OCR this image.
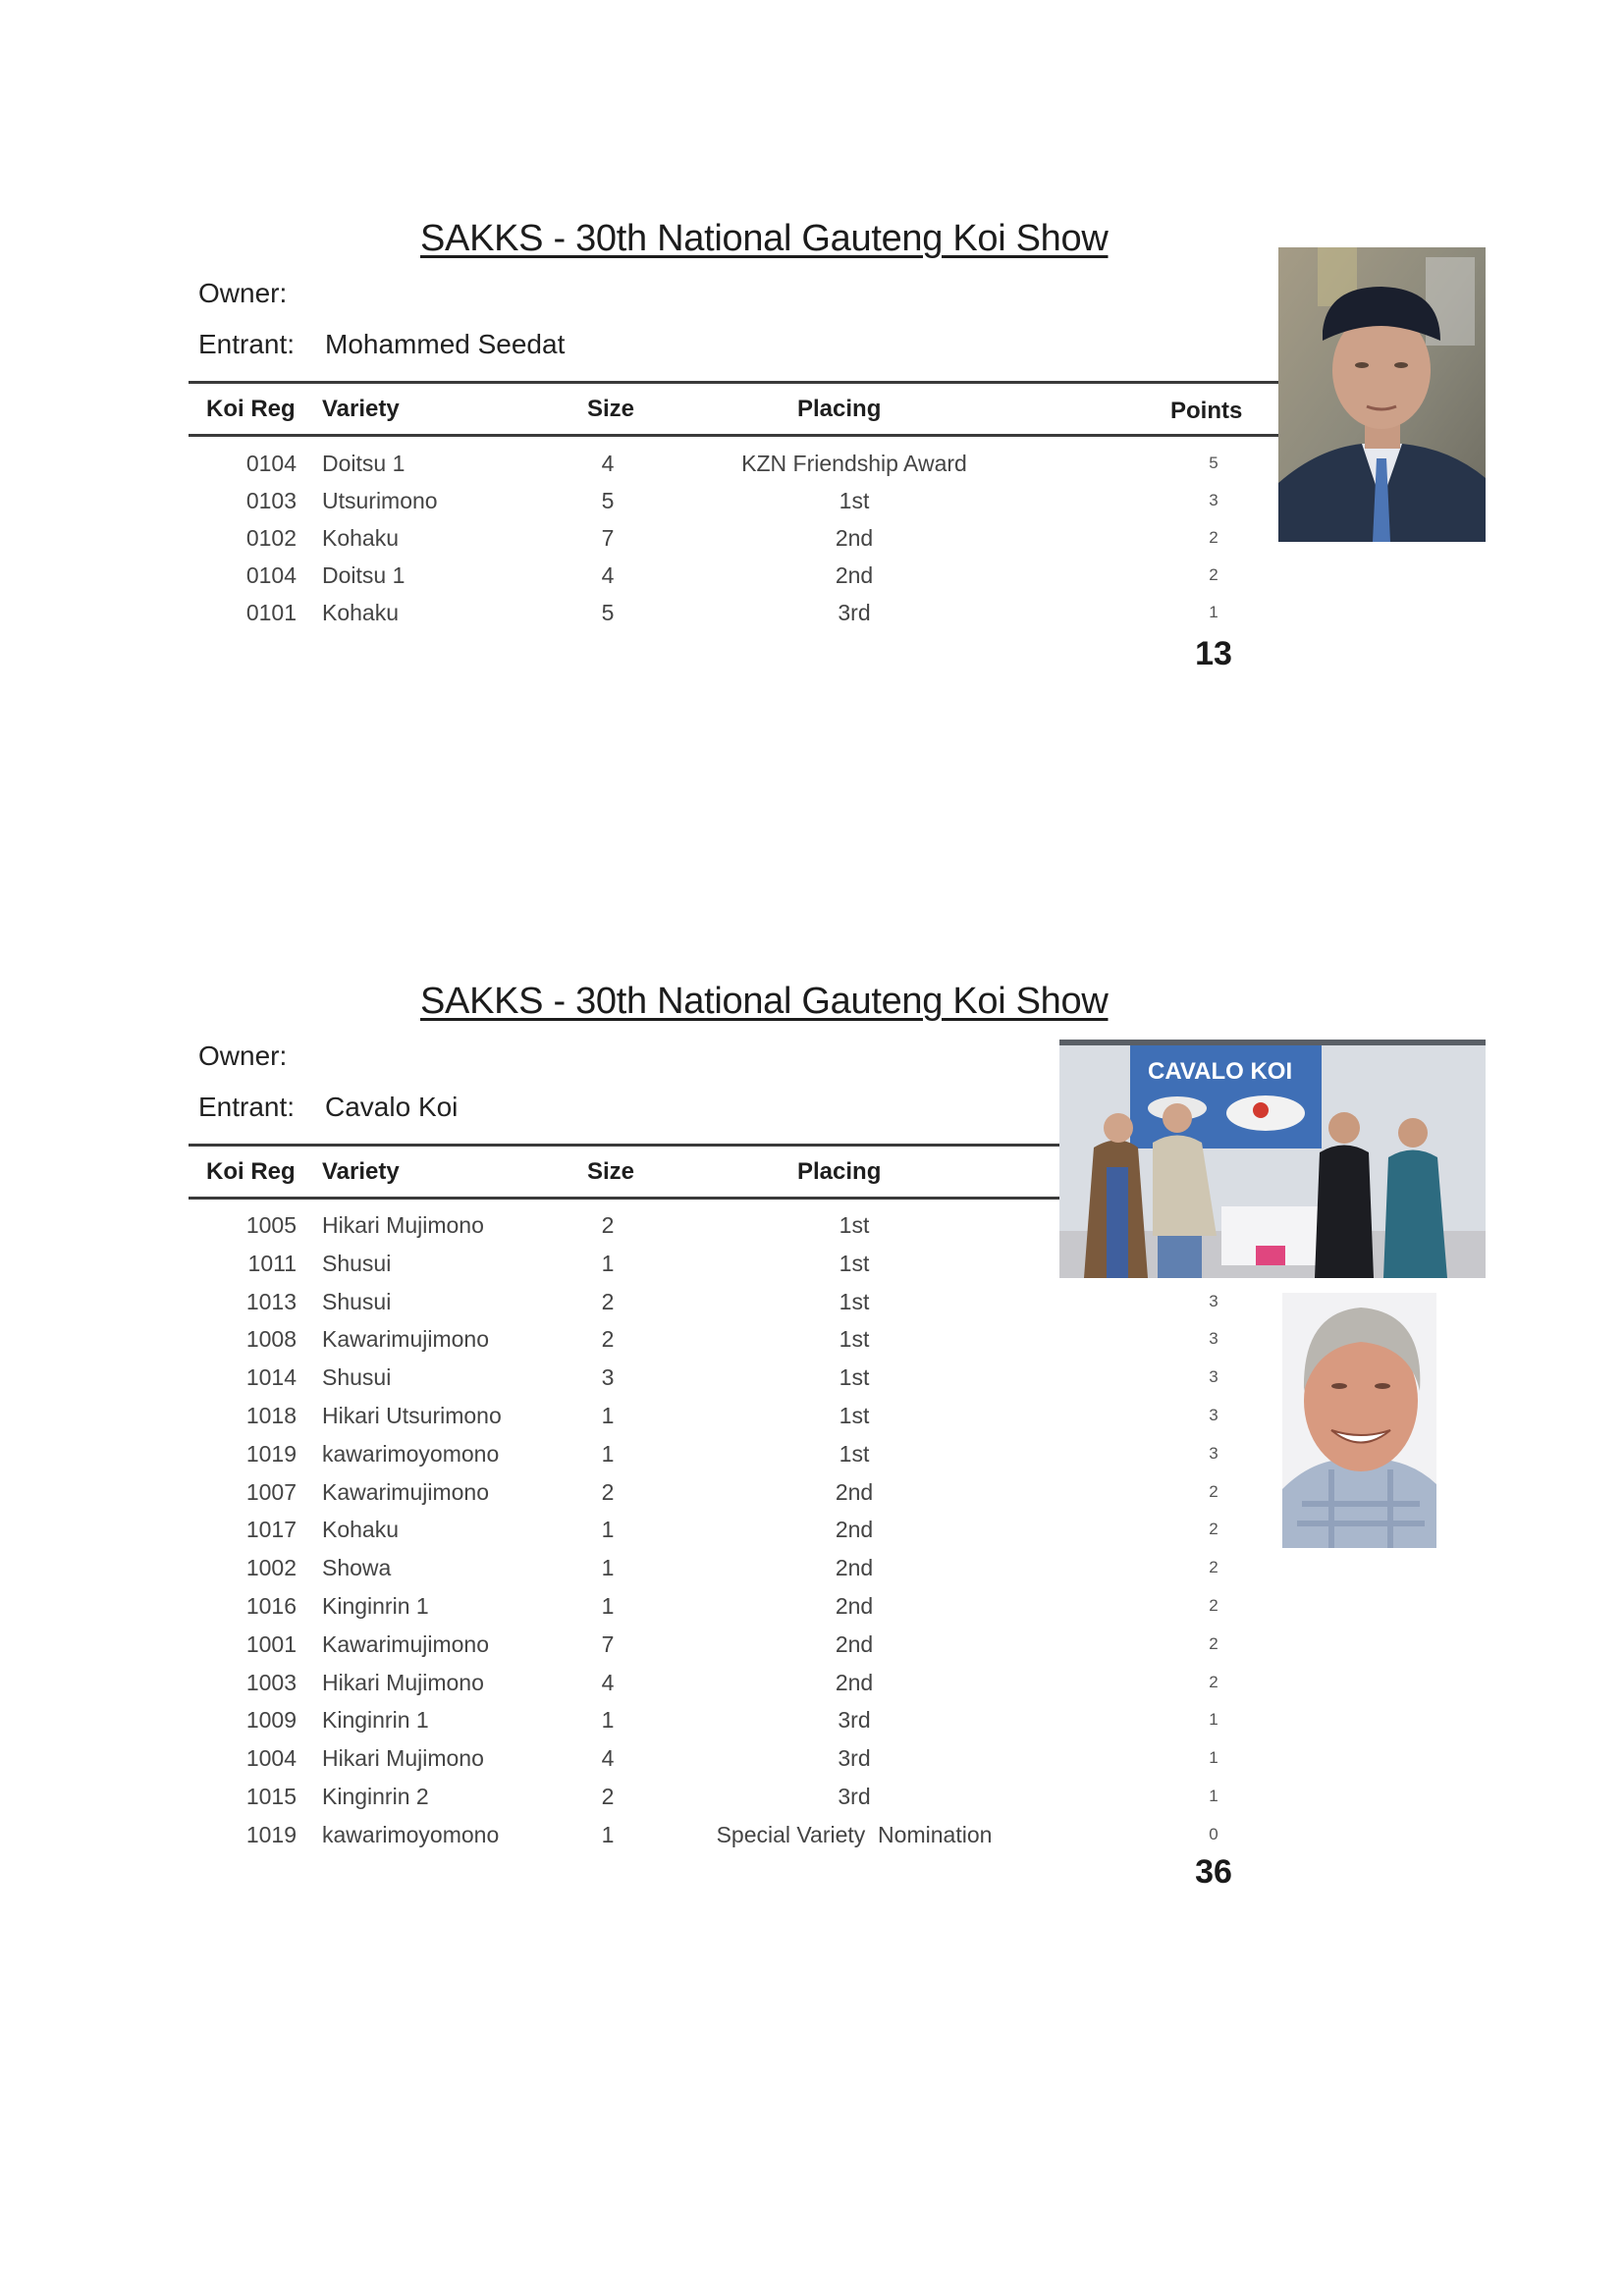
SAKKS - 30th National Gauteng Koi Show
Owner:
Entrant: Mohammed Seedat
Koi Reg Variety	Size	Placing	Points
0104 Doitsu 1	4	KZN Friendship Award	5
0103 Utsurimono	5	1st	3
0102 Kohaku	7	2nd	2
0104 Doitsu 1	4	2nd	2
0101 Kohaku	5	3rd	1
13
SAKKS - 30th National Gauteng Koi Show
Owner:
Entrant: Cavalo Koi
Koi Reg Variety	Size	Placing
1005 Hikari Mujimono	2	1st
1011 Shusui	1	1st
1013 Shusui	2	1st	3
1008 Kawarimujimono	2	1st	3
1014 Shusui	3	1st	3
1018 Hikari Utsurimono	1	1st	3
1019 kawarimoyomono	1	1st	3
1007 Kawarimujimono	2	2nd	2
1017 Kohaku	1	2nd	2
1002 Showa	1	2nd	2
1016 Kinginrin 1	1	2nd	2
1001 Kawarimujimono	7	2nd	2
1003 Hikari Mujimono	4	2nd	2
1009 Kinginrin 1	1	3rd	1
1004 Hikari Mujimono	4	3rd	1
1015 Kinginrin 2	2	3rd	1
1019 kawarimoyomono	1	Special Variety  Nomination	0
36
CAVALO KOI
